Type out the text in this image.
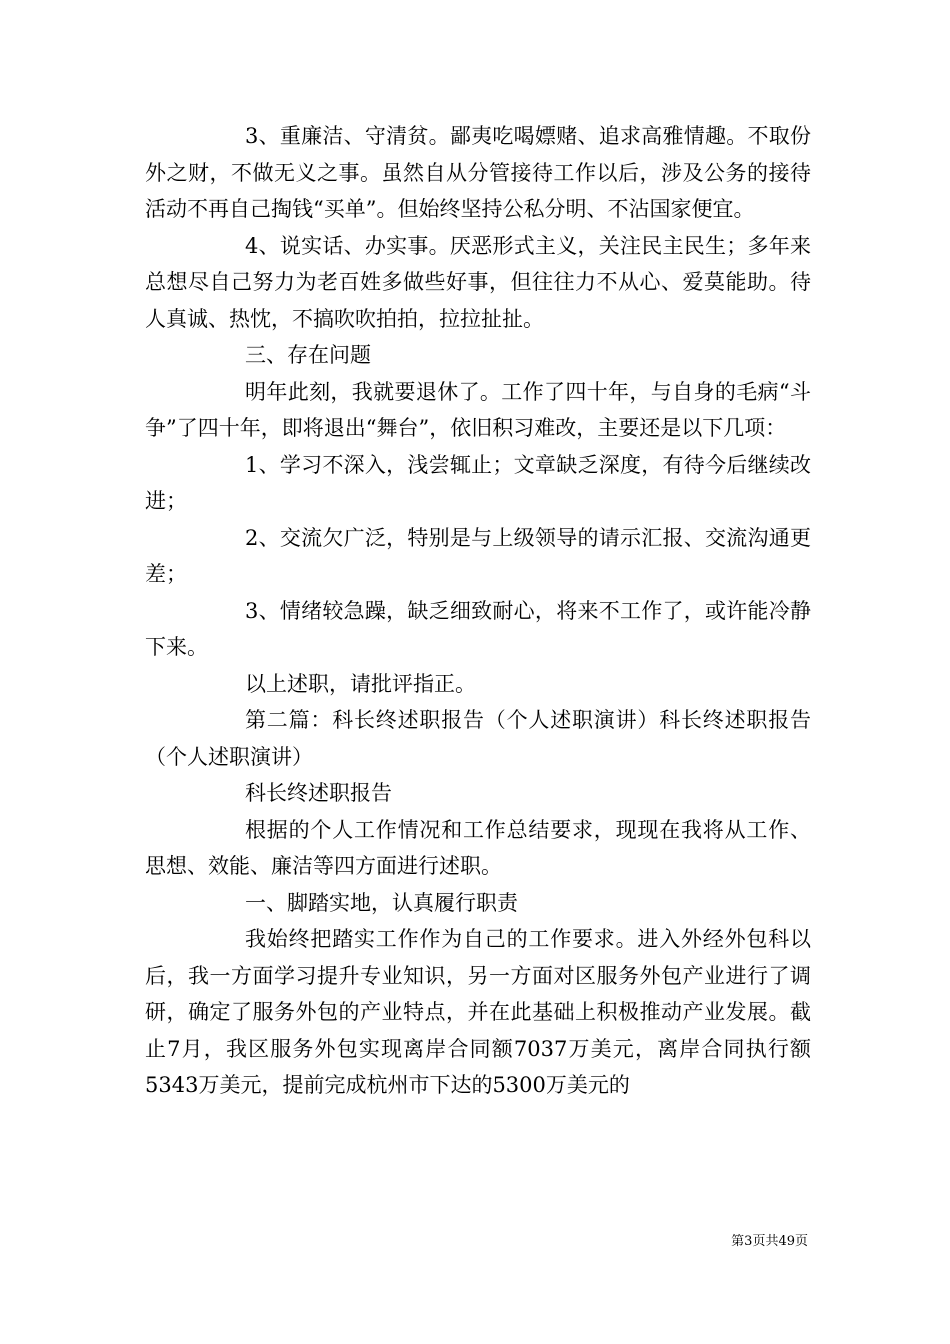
3、重廉洁、守清贫。鄙夷吃喝嫖赌、追求高雅情趣。不取份外之财，不做无义之事。虽然自从分管接待工作以后，涉及公务的接待活动不再自己掏钱“买单”。但始终坚持公私分明、不沾国家便宜。

4、说实话、办实事。厌恶形式主义，关注民主民生；多年来总想尽自己努力为老百姓多做些好事，但往往力不从心、爱莫能助。待人真诚、热忱，不搞吹吹拍拍，拉拉扯扯。

三、存在问题

明年此刻，我就要退休了。工作了四十年，与自身的毛病“斗争”了四十年，即将退出“舞台”，依旧积习难改，主要还是以下几项：

1、学习不深入，浅尝辄止；文章缺乏深度，有待今后继续改进；

2、交流欠广泛，特别是与上级领导的请示汇报、交流沟通更差；

3、情绪较急躁，缺乏细致耐心，将来不工作了，或许能冷静下来。

以上述职，请批评指正。

第二篇：科长终述职报告（个人述职演讲）科长终述职报告（个人述职演讲）

科长终述职报告

根据的个人工作情况和工作总结要求，现现在我将从工作、思想、效能、廉洁等四方面进行述职。

一、脚踏实地，认真履行职责

我始终把踏实工作作为自己的工作要求。进入外经外包科以后，我一方面学习提升专业知识，另一方面对区服务外包产业进行了调研，确定了服务外包的产业特点，并在此基础上积极推动产业发展。截止7月，我区服务外包实现离岸合同额7037万美元，离岸合同执行额5343万美元，提前完成杭州市下达的5300万美元的

第3页共49页
